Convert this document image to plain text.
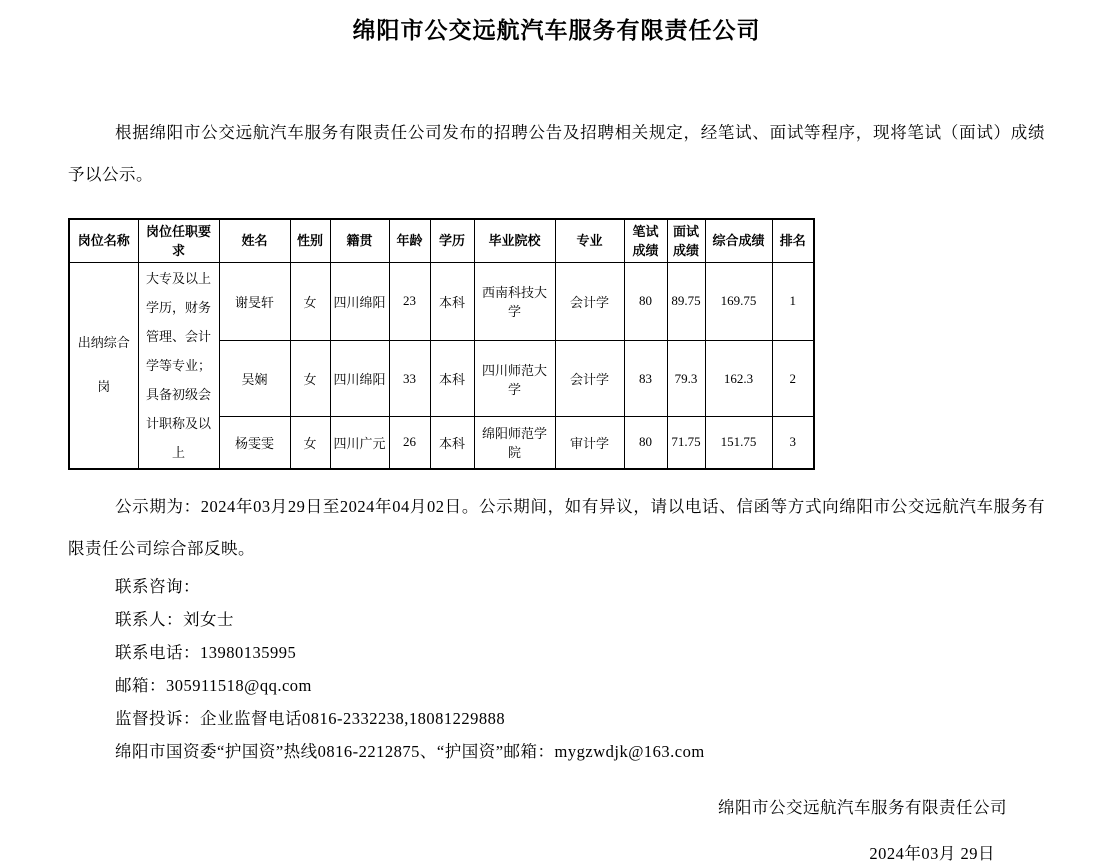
绵阳市公交远航汽车服务有限责任公司

根据绵阳市公交远航汽车服务有限责任公司发布的招聘公告及招聘相关规定，经笔试、面试等程序，现将笔试（面试）成绩予以公示。

岗位名称	岗位任职要求	姓名	性别	籍贯	年龄	学历	毕业院校	专业	笔试成绩	面试成绩	综合成绩	排名
出纳综合岗	大专及以上学历，财务管理、会计学等专业；具备初级会计职称及以上	谢旻轩	女	四川绵阳	23	本科	西南科技大学	会计学	80	89.75	169.75	1
		吴娴	女	四川绵阳	33	本科	四川师范大学	会计学	83	79.3	162.3	2
		杨雯雯	女	四川广元	26	本科	绵阳师范学院	审计学	80	71.75	151.75	3

公示期为：2024年03月29日至2024年04月02日。公示期间，如有异议，请以电话、信函等方式向绵阳市公交远航汽车服务有限责任公司综合部反映。

联系咨询：
联系人：刘女士
联系电话：13980135995
邮箱：305911518@qq.com
监督投诉：企业监督电话0816-2332238,18081229888
绵阳市国资委“护国资”热线0816-2212875、“护国资”邮箱：mygzwdjk@163.com
绵阳市公交远航汽车服务有限责任公司
2024年03月 29日
